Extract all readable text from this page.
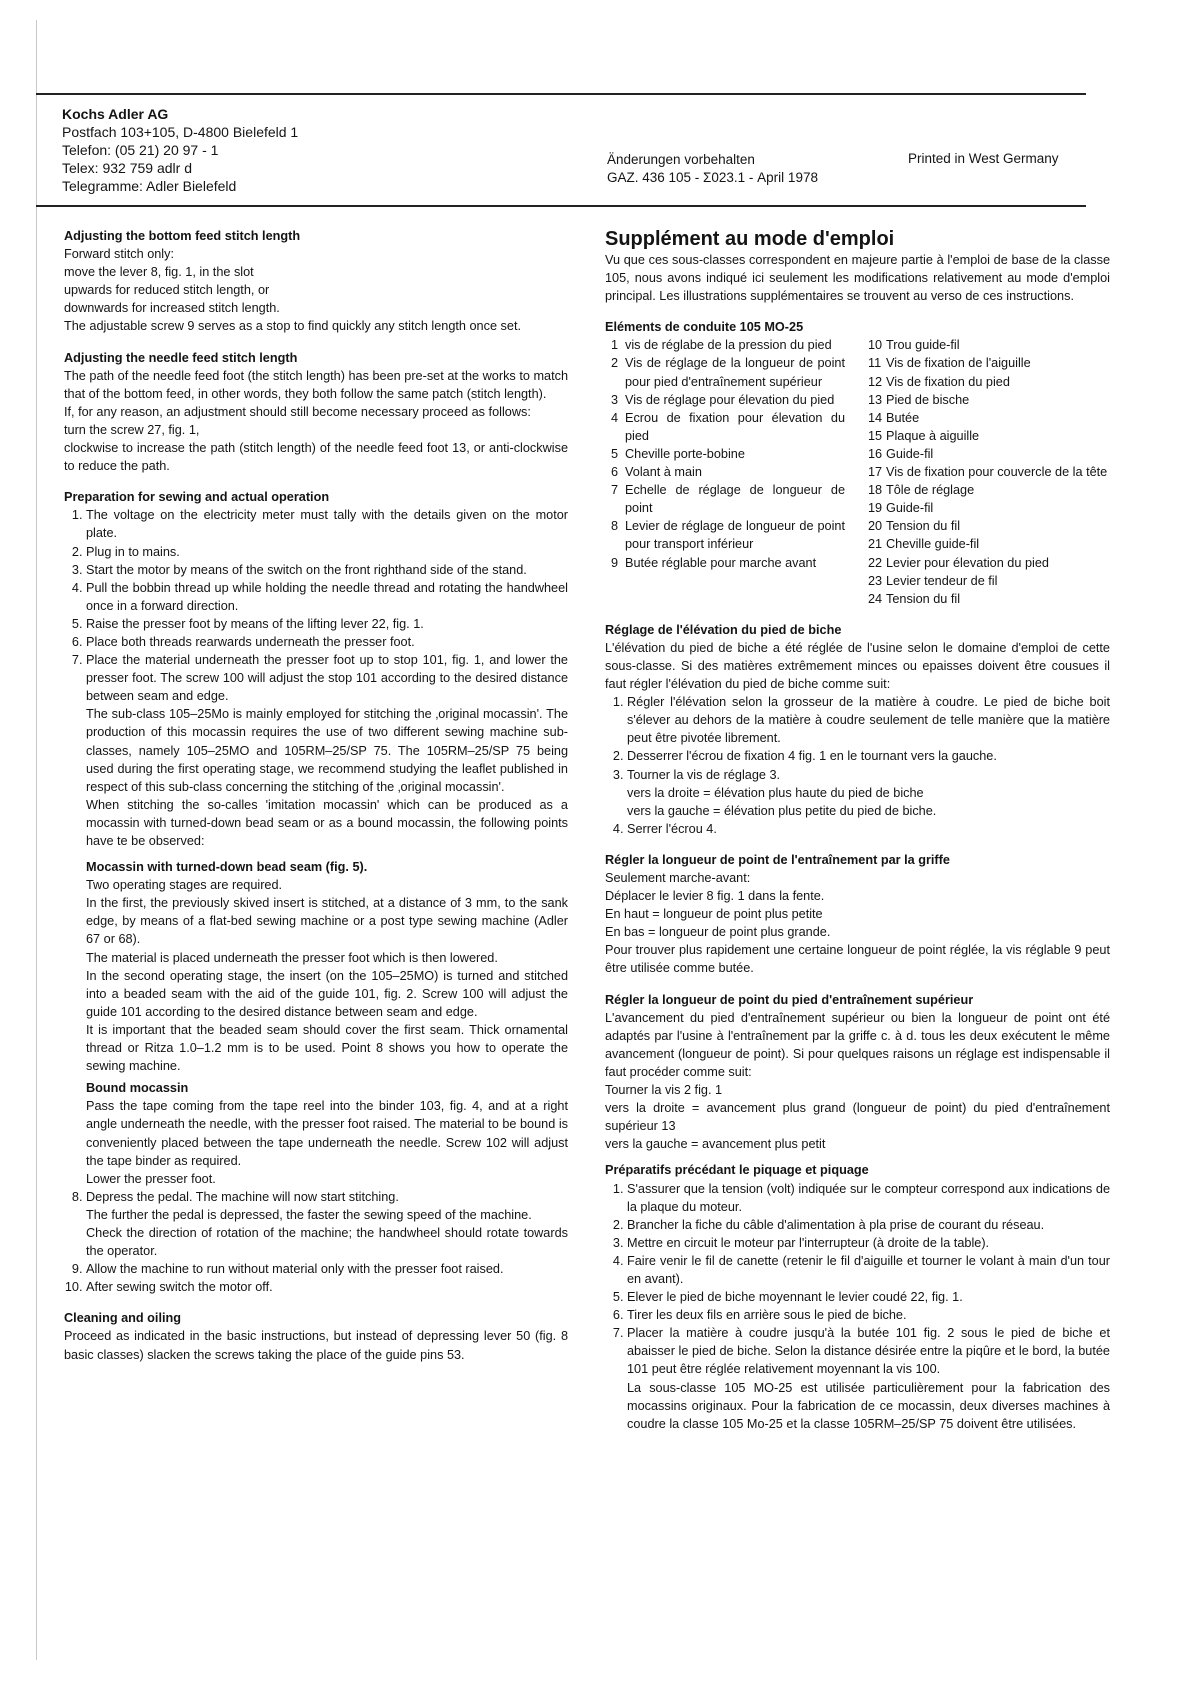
Kochs Adler AG
Postfach 103+105, D-4800 Bielefeld 1
Telefon: (05 21) 20 97 - 1
Telex: 932 759 adlr d
Telegramme: Adler Bielefeld
Änderungen vorbehalten
GAZ. 436 105 - Σ023.1 - April 1978
Printed in West Germany

Adjusting the bottom feed stitch length

Forward stitch only:

move the lever 8, fig. 1, in the slot

upwards for reduced stitch length, or

downwards for increased stitch length.

The adjustable screw 9 serves as a stop to find quickly any stitch length once set.

Adjusting the needle feed stitch length

The path of the needle feed foot (the stitch length) has been pre-set at the works to match that of the bottom feed, in other words, they both follow the same patch (stitch length).

If, for any reason, an adjustment should still become necessary proceed as follows:

turn the screw 27, fig. 1,

clockwise to increase the path (stitch length) of the needle feed foot 13, or anti-clockwise to reduce the path.

Preparation for sewing and actual operation

1. The voltage on the electricity meter must tally with the details given on the motor plate.
2. Plug in to mains.
3. Start the motor by means of the switch on the front righthand side of the stand.
4. Pull the bobbin thread up while holding the needle thread and rotating the handwheel once in a forward direction.
5. Raise the presser foot by means of the lifting lever 22, fig. 1.
6. Place both threads rearwards underneath the presser foot.

7. Place the material underneath the presser foot up to stop 101, fig. 1, and lower the presser foot. The screw 100 will adjust the stop 101 according to the desired distance between seam and edge.

The sub-class 105–25Mo is mainly employed for stitching the ‚original mocassin'. The production of this mocassin requires the use of two different sewing machine sub-classes, namely 105–25MO and 105RM–25/SP 75. The 105RM–25/SP 75 being used during the first operating stage, we recommend studying the leaflet published in respect of this sub-class concerning the stitching of the ‚original mocassin'.

When stitching the so-calles 'imitation mocassin' which can be produced as a mocassin with turned-down bead seam or as a bound mocassin, the following points have te be observed:

Mocassin with turned-down bead seam (fig. 5).

Two operating stages are required.

In the first, the previously skived insert is stitched, at a distance of 3 mm, to the sank edge, by means of a flat-bed sewing machine or a post type sewing machine (Adler 67 or 68).

The material is placed underneath the presser foot which is then lowered.

In the second operating stage, the insert (on the 105–25MO) is turned and stitched into a beaded seam with the aid of the guide 101, fig. 2. Screw 100 will adjust the guide 101 according to the desired distance between seam and edge.

It is important that the beaded seam should cover the first seam. Thick ornamental thread or Ritza 1.0–1.2 mm is to be used. Point 8 shows you how to operate the sewing machine.

Bound mocassin

Pass the tape coming from the tape reel into the binder 103, fig. 4, and at a right angle underneath the needle, with the presser foot raised. The material to be bound is conveniently placed between the tape underneath the needle. Screw 102 will adjust the tape binder as required.

Lower the presser foot.

8. Depress the pedal. The machine will now start stitching.

The further the pedal is depressed, the faster the sewing speed of the machine.

Check the direction of rotation of the machine; the handwheel should rotate towards the operator.

9. Allow the machine to run without material only with the presser foot raised.
10. After sewing switch the motor off.

Cleaning and oiling

Proceed as indicated in the basic instructions, but instead of depressing lever 50 (fig. 8 basic classes) slacken the screws taking the place of the guide pins 53.

Supplément au mode d'emploi

Vu que ces sous-classes correspondent en majeure partie à l'emploi de base de la classe 105, nous avons indiqué ici seulement les modifications relativement au mode d'emploi principal. Les illustrations supplémentaires se trouvent au verso de ces instructions.

Eléments de conduite 105 MO-25

1 vis de réglabe de la pression du pied
2 Vis de réglage de la longueur de point pour pied d'entraînement supérieur
3 Vis de réglage pour élevation du pied
4 Ecrou de fixation pour élevation du pied
5 Cheville porte-bobine
6 Volant à main
7 Echelle de réglage de longueur de point
8 Levier de réglage de longueur de point pour transport inférieur
9 Butée réglable pour marche avant
10 Trou guide-fil
11 Vis de fixation de l'aiguille
12 Vis de fixation du pied
13 Pied de bische
14 Butée
15 Plaque à aiguille
16 Guide-fil
17 Vis de fixation pour couvercle de la tête
18 Tôle de réglage
19 Guide-fil
20 Tension du fil
21 Cheville guide-fil
22 Levier pour élevation du pied
23 Levier tendeur de fil
24 Tension du fil

Réglage de l'élévation du pied de biche

L'élévation du pied de biche a été réglée de l'usine selon le domaine d'emploi de cette sous-classe. Si des matières extrêmement minces ou epaisses doivent être cousues il faut régler l'élévation du pied de biche comme suit:

1. Régler l'élévation selon la grosseur de la matière à coudre. Le pied de biche boit s'élever au dehors de la matière à coudre seulement de telle manière que la matière peut être pivotée librement.
2. Desserrer l'écrou de fixation 4 fig. 1 en le tournant vers la gauche.

3. Tourner la vis de réglage 3.

vers la droite = élévation plus haute du pied de biche

vers la gauche = élévation plus petite du pied de biche.

4. Serrer l'écrou 4.

Régler la longueur de point de l'entraînement par la griffe

Seulement marche-avant:

Déplacer le levier 8 fig. 1 dans la fente.

En haut = longueur de point plus petite

En bas = longueur de point plus grande.

Pour trouver plus rapidement une certaine longueur de point réglée, la vis réglable 9 peut être utilisée comme butée.

Régler la longueur de point du pied d'entraînement supérieur

L'avancement du pied d'entraînement supérieur ou bien la longueur de point ont été adaptés par l'usine à l'entraînement par la griffe c. à d. tous les deux exécutent le même avancement (longueur de point). Si pour quelques raisons un réglage est indispensable il faut procéder comme suit:

Tourner la vis 2 fig. 1

vers la droite = avancement plus grand (longueur de point) du pied d'entraînement supérieur 13

vers la gauche = avancement plus petit

Préparatifs précédant le piquage et piquage

1. S'assurer que la tension (volt) indiquée sur le compteur correspond aux indications de la plaque du moteur.
2. Brancher la fiche du câble d'alimentation à pla prise de courant du réseau.
3. Mettre en circuit le moteur par l'interrupteur (à droite de la table).
4. Faire venir le fil de canette (retenir le fil d'aiguille et tourner le volant à main d'un tour en avant).
5. Elever le pied de biche moyennant le levier coudé 22, fig. 1.
6. Tirer les deux fils en arrière sous le pied de biche.

7. Placer la matière à coudre jusqu'à la butée 101 fig. 2 sous le pied de biche et abaisser le pied de biche. Selon la distance désirée entre la piqûre et le bord, la butée 101 peut être réglée relativement moyennant la vis 100.

La sous-classe 105 MO-25 est utilisée particulièrement pour la fabrication des mocassins originaux. Pour la fabrication de ce mocassin, deux diverses machines à coudre la classe 105 Mo-25 et la classe 105RM–25/SP 75 doivent être utilisées.
